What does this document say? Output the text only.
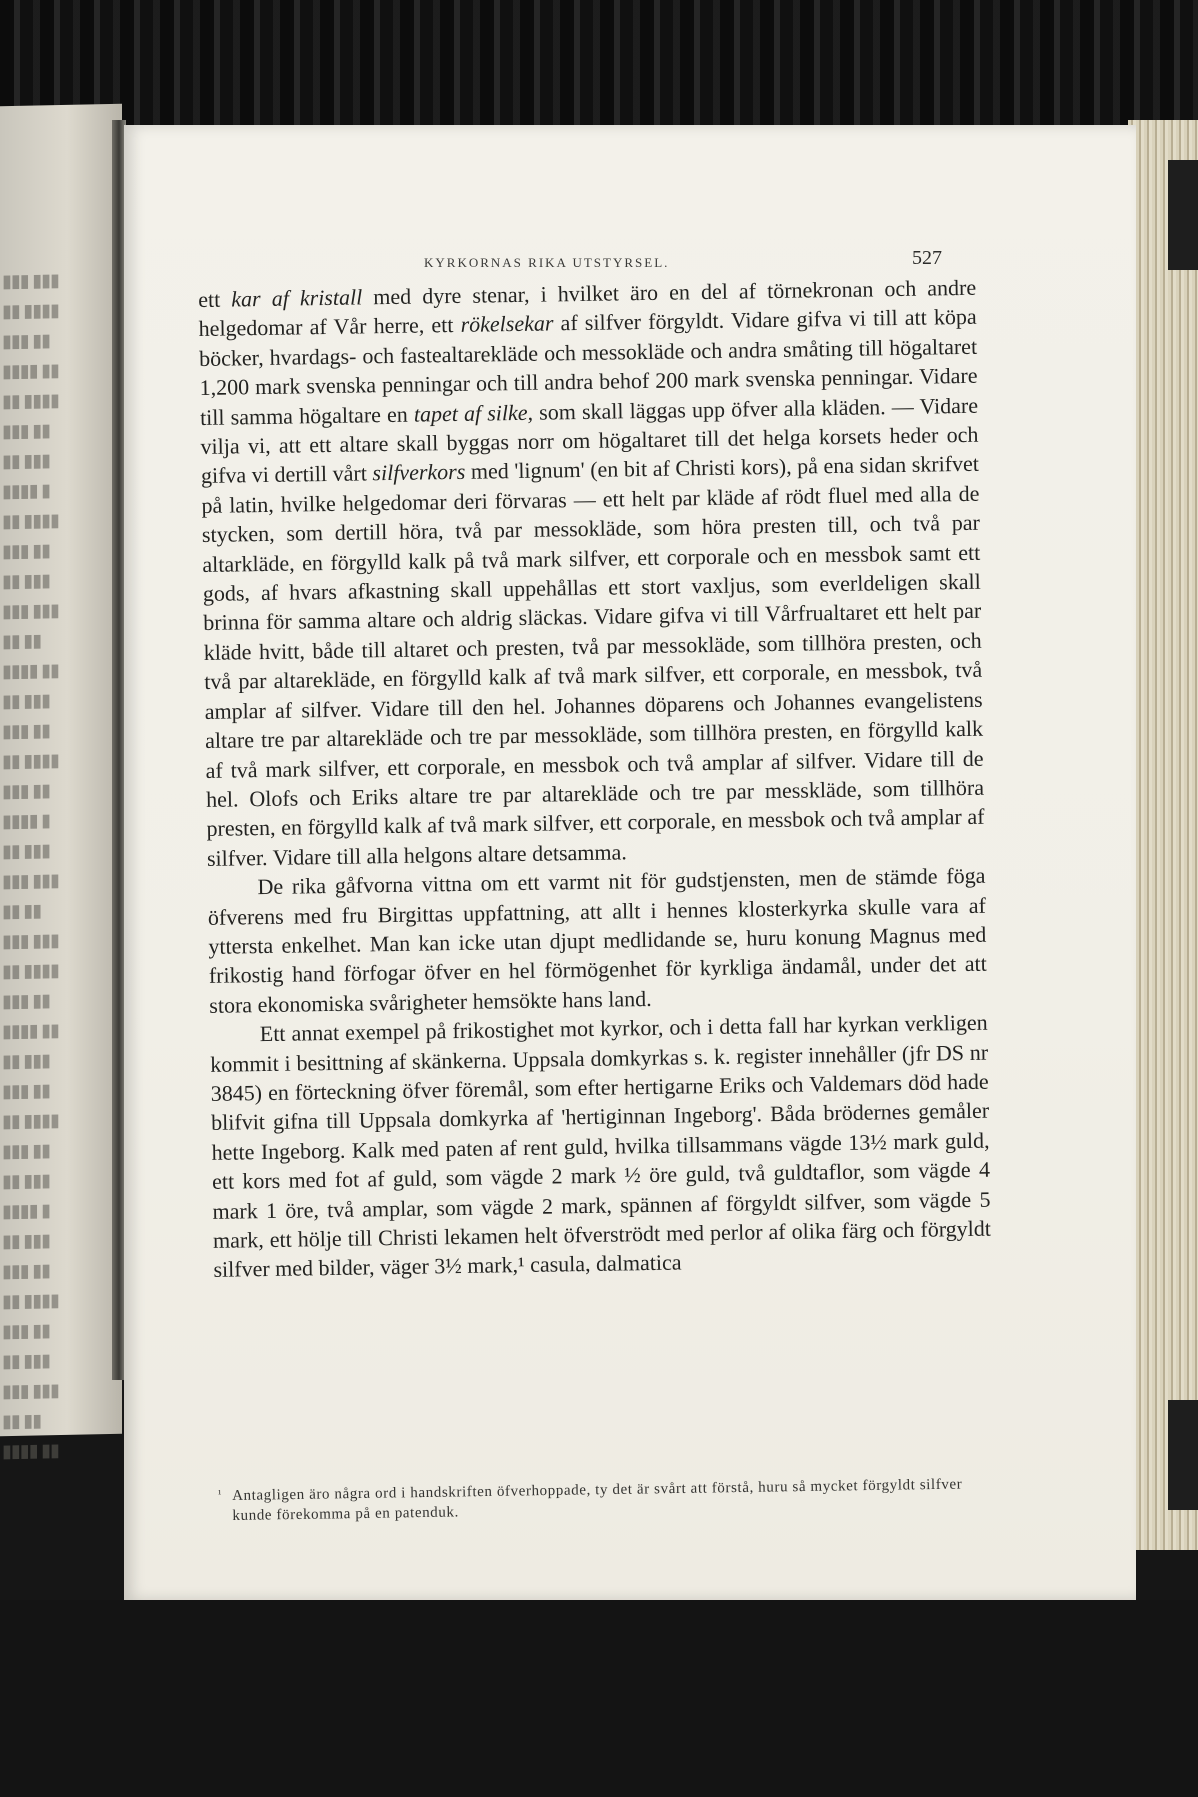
▮▮▮ ▮▮▮
▮▮ ▮▮▮▮
▮▮▮ ▮▮
▮▮▮▮ ▮▮
▮▮ ▮▮▮▮
▮▮▮ ▮▮
▮▮ ▮▮▮
▮▮▮▮ ▮
▮▮ ▮▮▮▮
▮▮▮ ▮▮
▮▮ ▮▮▮
▮▮▮ ▮▮▮
▮▮ ▮▮
▮▮▮▮ ▮▮
▮▮ ▮▮▮
▮▮▮ ▮▮
▮▮ ▮▮▮▮
▮▮▮ ▮▮
▮▮▮▮ ▮
▮▮ ▮▮▮
▮▮▮ ▮▮▮
▮▮ ▮▮
▮▮▮ ▮▮▮
▮▮ ▮▮▮▮
▮▮▮ ▮▮
▮▮▮▮ ▮▮
▮▮ ▮▮▮
▮▮▮ ▮▮
▮▮ ▮▮▮▮
▮▮▮ ▮▮
▮▮ ▮▮▮
▮▮▮▮ ▮
▮▮ ▮▮▮
▮▮▮ ▮▮
▮▮ ▮▮▮▮
▮▮▮ ▮▮
▮▮ ▮▮▮
▮▮▮ ▮▮▮
▮▮ ▮▮
▮▮▮▮ ▮▮
KYRKORNAS RIKA UTSTYRSEL.	527

ett kar af kristall med dyre stenar, i hvilket äro en del af törnekronan och andre helgedomar af Vår herre, ett rökelsekar af silfver förgyldt. Vidare gifva vi till att köpa böcker, hvardags- och fastealtarekläde och messokläde och andra småting till högaltaret 1,200 mark svenska penningar och till andra behof 200 mark svenska penningar. Vidare till samma högaltare en tapet af silke, som skall läggas upp öfver alla kläden. — Vidare vilja vi, att ett altare skall byggas norr om högaltaret till det helga korsets heder och gifva vi dertill vårt silfverkors med 'lignum' (en bit af Christi kors), på ena sidan skrifvet på latin, hvilke helgedomar deri förvaras — ett helt par kläde af rödt fluel med alla de stycken, som dertill höra, två par messokläde, som höra presten till, och två par altarkläde, en förgylld kalk på två mark silfver, ett corporale och en messbok samt ett gods, af hvars afkastning skall uppehållas ett stort vaxljus, som everldeligen skall brinna för samma altare och aldrig släckas. Vidare gifva vi till Vårfrualtaret ett helt par kläde hvitt, både till altaret och presten, två par messokläde, som tillhöra presten, och två par altarekläde, en förgylld kalk af två mark silfver, ett corporale, en messbok, två amplar af silfver. Vidare till den hel. Johannes döparens och Johannes evangelistens altare tre par altarekläde och tre par messokläde, som tillhöra presten, en förgylld kalk af två mark silfver, ett corporale, en messbok och två amplar af silfver. Vidare till de hel. Olofs och Eriks altare tre par altarekläde och tre par messkläde, som tillhöra presten, en förgylld kalk af två mark silfver, ett corporale, en messbok och två amplar af silfver. Vidare till alla helgons altare detsamma.

De rika gåfvorna vittna om ett varmt nit för gudstjensten, men de stämde föga öfverens med fru Birgittas uppfattning, att allt i hennes klosterkyrka skulle vara af yttersta enkelhet. Man kan icke utan djupt medlidande se, huru konung Magnus med frikostig hand förfogar öfver en hel förmögenhet för kyrkliga ändamål, under det att stora ekonomiska svårigheter hemsökte hans land.

Ett annat exempel på frikostighet mot kyrkor, och i detta fall har kyrkan verkligen kommit i besittning af skänkerna. Uppsala domkyrkas s. k. register innehåller (jfr DS nr 3845) en förteckning öfver föremål, som efter hertigarne Eriks och Valdemars död hade blifvit gifna till Uppsala domkyrka af 'hertiginnan Ingeborg'. Båda brödernes gemåler hette Ingeborg. Kalk med paten af rent guld, hvilka tillsammans vägde 13½ mark guld, ett kors med fot af guld, som vägde 2 mark ½ öre guld, två guldtaflor, som vägde 4 mark 1 öre, två amplar, som vägde 2 mark, spännen af förgyldt silfver, som vägde 5 mark, ett hölje till Christi lekamen helt öfverströdt med perlor af olika färg och förgyldt silfver med bilder, väger 3½ mark,¹ casula, dalmatica

¹ Antagligen äro några ord i handskriften öfverhoppade, ty det är svårt att förstå, huru så mycket förgyldt silfver kunde förekomma på en patenduk.
